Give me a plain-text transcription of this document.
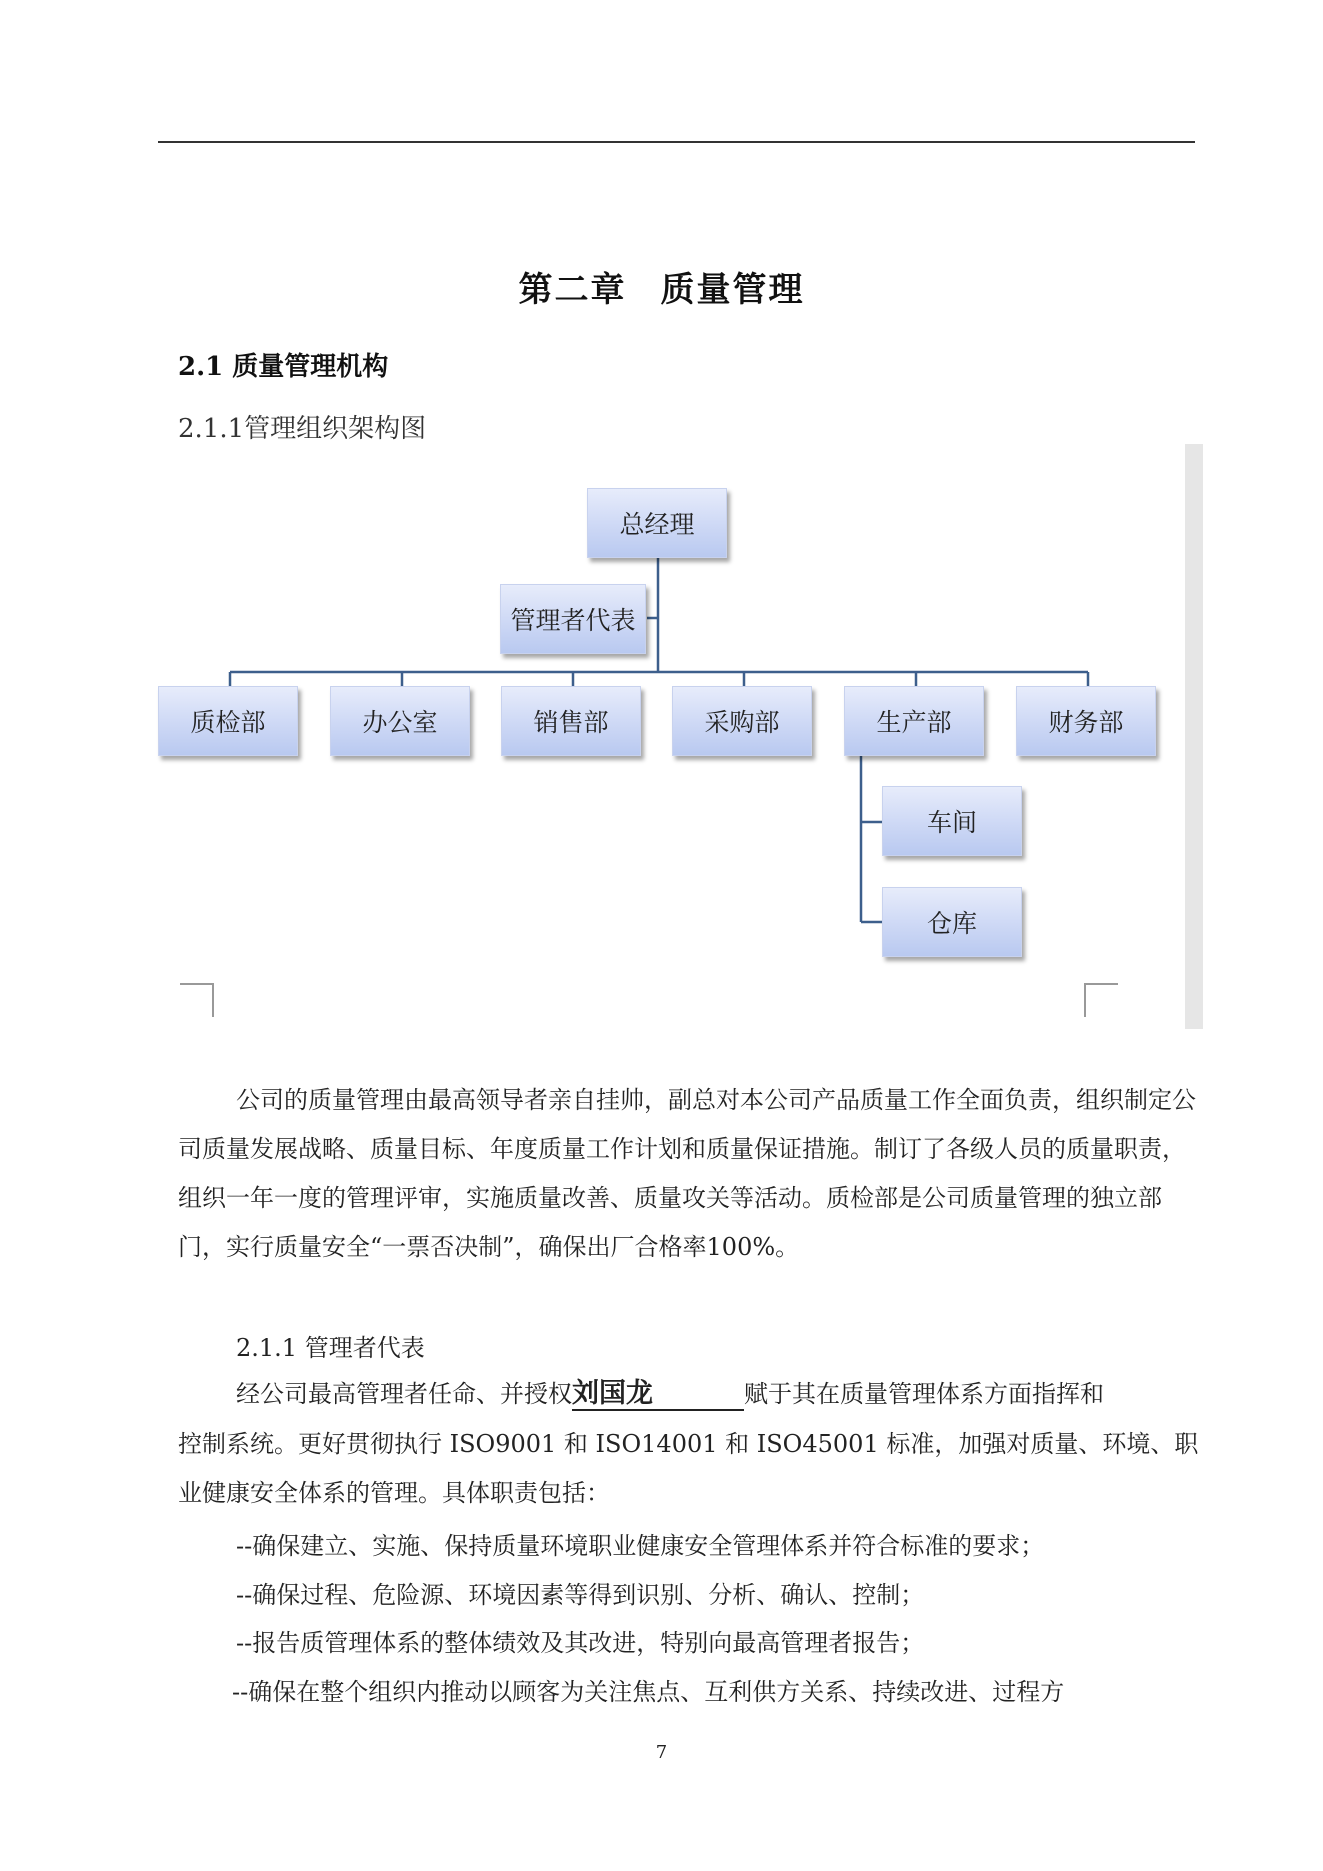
第二章 质量管理
2.1 质量管理机构
2.1.1管理组织架构图
总经理
管理者代表
质检部	办公室	销售部	采购部	生产部	财务部
车间
仓库
公司的质量管理由最高领导者亲自挂帅，副总对本公司产品质量工作全面负责，组织制定公司质量发展战略、质量目标、年度质量工作计划和质量保证措施。制订了各级人员的质量职责，组织一年一度的管理评审，实施质量改善、质量攻关等活动。质检部是公司质量管理的独立部门，实行质量安全“一票否决制”，确保出厂合格率100%。
2.1.1 管理者代表
经公司最高管理者任命、并授权刘国龙	赋于其在质量管理体系方面指挥和
控制系统。更好贯彻执行 ISO9001 和 ISO14001 和 ISO45001 标准，加强对质量、环境、职业健康安全体系的管理。具体职责包括：
--确保建立、实施、保持质量环境职业健康安全管理体系并符合标准的要求；
--确保过程、危险源、环境因素等得到识别、分析、确认、控制；
--报告质管理体系的整体绩效及其改进，特别向最高管理者报告；
--确保在整个组织内推动以顾客为关注焦点、互利供方关系、持续改进、过程方
7
